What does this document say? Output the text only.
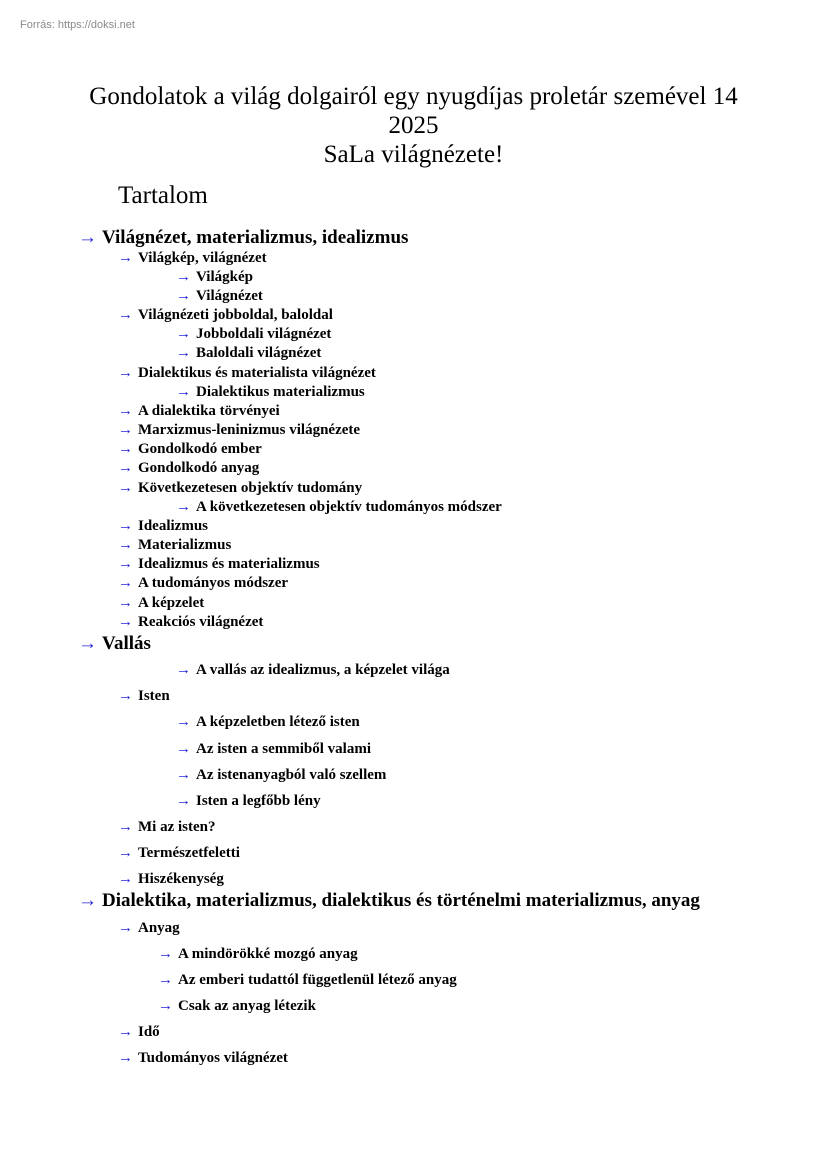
Forrás: https://doksi.net
Gondolatok a világ dolgairól egy nyugdíjas proletár szemével 14
2025
SaLa világnézete!
Tartalom
→ Világnézet, materializmus, idealizmus
→ Világkép, világnézet
→ Világkép
→ Világnézet
→ Világnézeti jobboldal, baloldal
→ Jobboldali világnézet
→ Baloldali világnézet
→ Dialektikus és materialista világnézet
→ Dialektikus materializmus
→ A dialektika törvényei
→ Marxizmus-leninizmus világnézete
→ Gondolkodó ember
→ Gondolkodó anyag
→ Következetesen objektív tudomány
→ A következetesen objektív tudományos módszer
→ Idealizmus
→ Materializmus
→ Idealizmus és materializmus
→ A tudományos módszer
→ A képzelet
→ Reakciós világnézet
→ Vallás
→ A vallás az idealizmus, a képzelet világa
→ Isten
→ A képzeletben létező isten
→ Az isten a semmiből valami
→ Az istenanyagból való szellem
→ Isten a legfőbb lény
→ Mi az isten?
→ Természetfeletti
→ Hiszékenység
→ Dialektika, materializmus, dialektikus és történelmi materializmus, anyag
→ Anyag
→ A mindörökké mozgó anyag
→ Az emberi tudattól függetlenül létező anyag
→ Csak az anyag létezik
→ Idő
→ Tudományos világnézet
